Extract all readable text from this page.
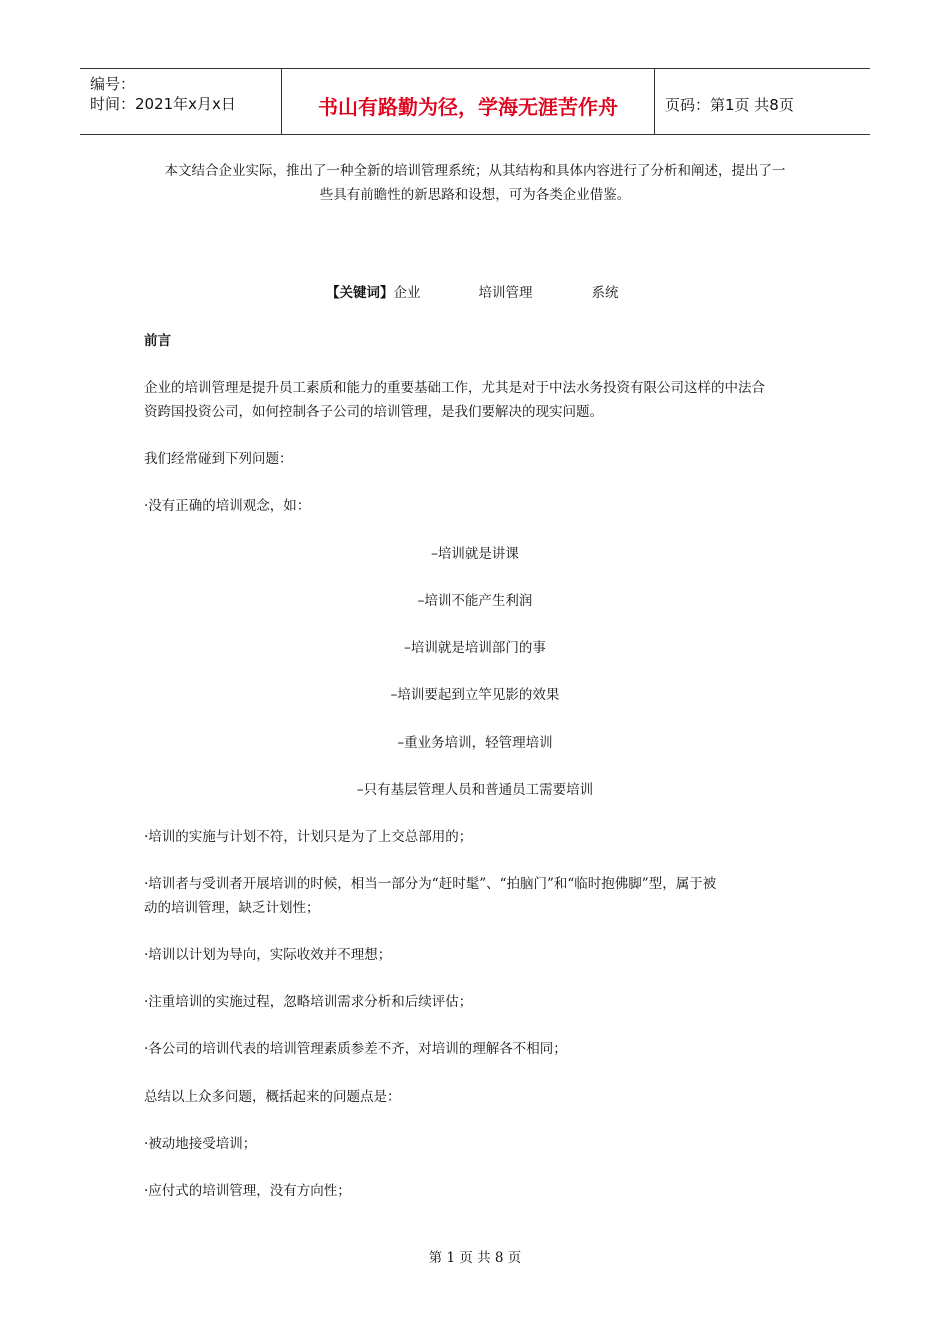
编号：
时间：2021年x月x日	书山有路勤为径，学海无涯苦作舟	页码：第1页 共8页
本文结合企业实际，推出了一种全新的培训管理系统；从其结构和具体内容进行了分析和阐述，提出了一
些具有前瞻性的新思路和设想，可为各类企业借鉴。
【关键词】企业	培训管理	系统
前言
企业的培训管理是提升员工素质和能力的重要基础工作，尤其是对于中法水务投资有限公司这样的中法合
资跨国投资公司，如何控制各子公司的培训管理，是我们要解决的现实问题。
我们经常碰到下列问题：
·没有正确的培训观念，如：
–培训就是讲课
–培训不能产生利润
–培训就是培训部门的事
–培训要起到立竿见影的效果
–重业务培训，轻管理培训
–只有基层管理人员和普通员工需要培训
·培训的实施与计划不符，计划只是为了上交总部用的；
·培训者与受训者开展培训的时候，相当一部分为“赶时髦”、“拍脑门”和“临时抱佛脚”型，属于被
动的培训管理，缺乏计划性；
·培训以计划为导向，实际收效并不理想；
·注重培训的实施过程，忽略培训需求分析和后续评估；
·各公司的培训代表的培训管理素质参差不齐，对培训的理解各不相同；
总结以上众多问题，概括起来的问题点是：
·被动地接受培训；
·应付式的培训管理，没有方向性；
第 1 页 共 8 页
